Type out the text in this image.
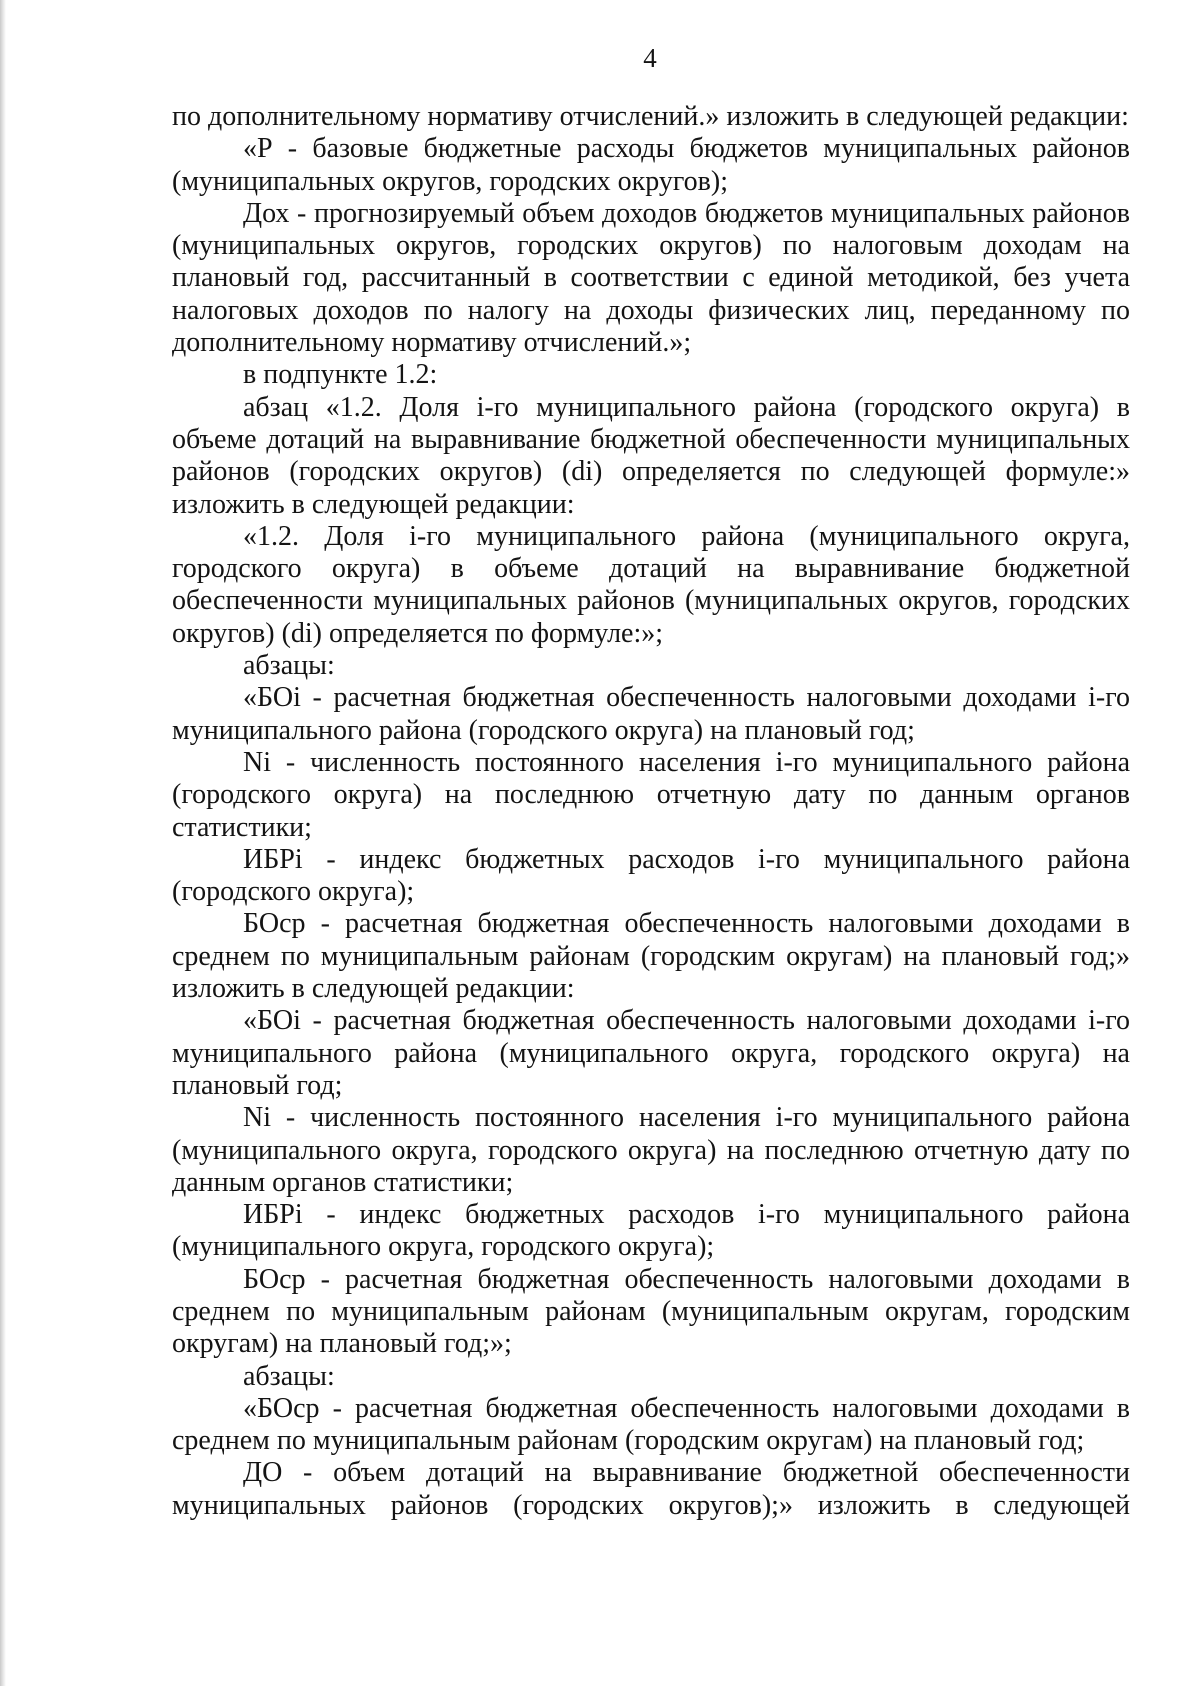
4

по дополнительному нормативу отчислений.» изложить в следующей редакции:

«Р - базовые бюджетные расходы бюджетов муниципальных районов (муниципальных округов, городских округов);

Дох - прогнозируемый объем доходов бюджетов муниципальных районов (муниципальных округов, городских округов) по налоговым доходам на плановый год, рассчитанный в соответствии с единой методикой, без учета налоговых доходов по налогу на доходы физических лиц, переданному по дополнительному нормативу отчислений.»;

в подпункте 1.2:

абзац «1.2. Доля i-го муниципального района (городского округа) в объеме дотаций на выравнивание бюджетной обеспеченности муниципальных районов (городских округов) (di) определяется по следующей формуле:» изложить в следующей редакции:

«1.2. Доля i-го муниципального района (муниципального округа, городского округа) в объеме дотаций на выравнивание бюджетной обеспеченности муниципальных районов (муниципальных округов, городских округов) (di) определяется по формуле:»;

абзацы:

«БОi - расчетная бюджетная обеспеченность налоговыми доходами i-го муниципального района (городского округа) на плановый год;

Ni - численность постоянного населения i-го муниципального района (городского округа) на последнюю отчетную дату по данным органов статистики;

ИБРi - индекс бюджетных расходов i-го муниципального района (городского округа);

БОср - расчетная бюджетная обеспеченность налоговыми доходами в среднем по муниципальным районам (городским округам) на плановый год;» изложить в следующей редакции:

«БОi - расчетная бюджетная обеспеченность налоговыми доходами i-го муниципального района (муниципального округа, городского округа) на плановый год;

Ni - численность постоянного населения i-го муниципального района (муниципального округа, городского округа) на последнюю отчетную дату по данным органов статистики;

ИБРi - индекс бюджетных расходов i-го муниципального района (муниципального округа, городского округа);

БОср - расчетная бюджетная обеспеченность налоговыми доходами в среднем по муниципальным районам (муниципальным округам, городским округам) на плановый год;»;

абзацы:

«БОср - расчетная бюджетная обеспеченность налоговыми доходами в среднем по муниципальным районам (городским округам) на плановый год;

ДО - объем дотаций на выравнивание бюджетной обеспеченности муниципальных районов (городских округов);» изложить в следующей
